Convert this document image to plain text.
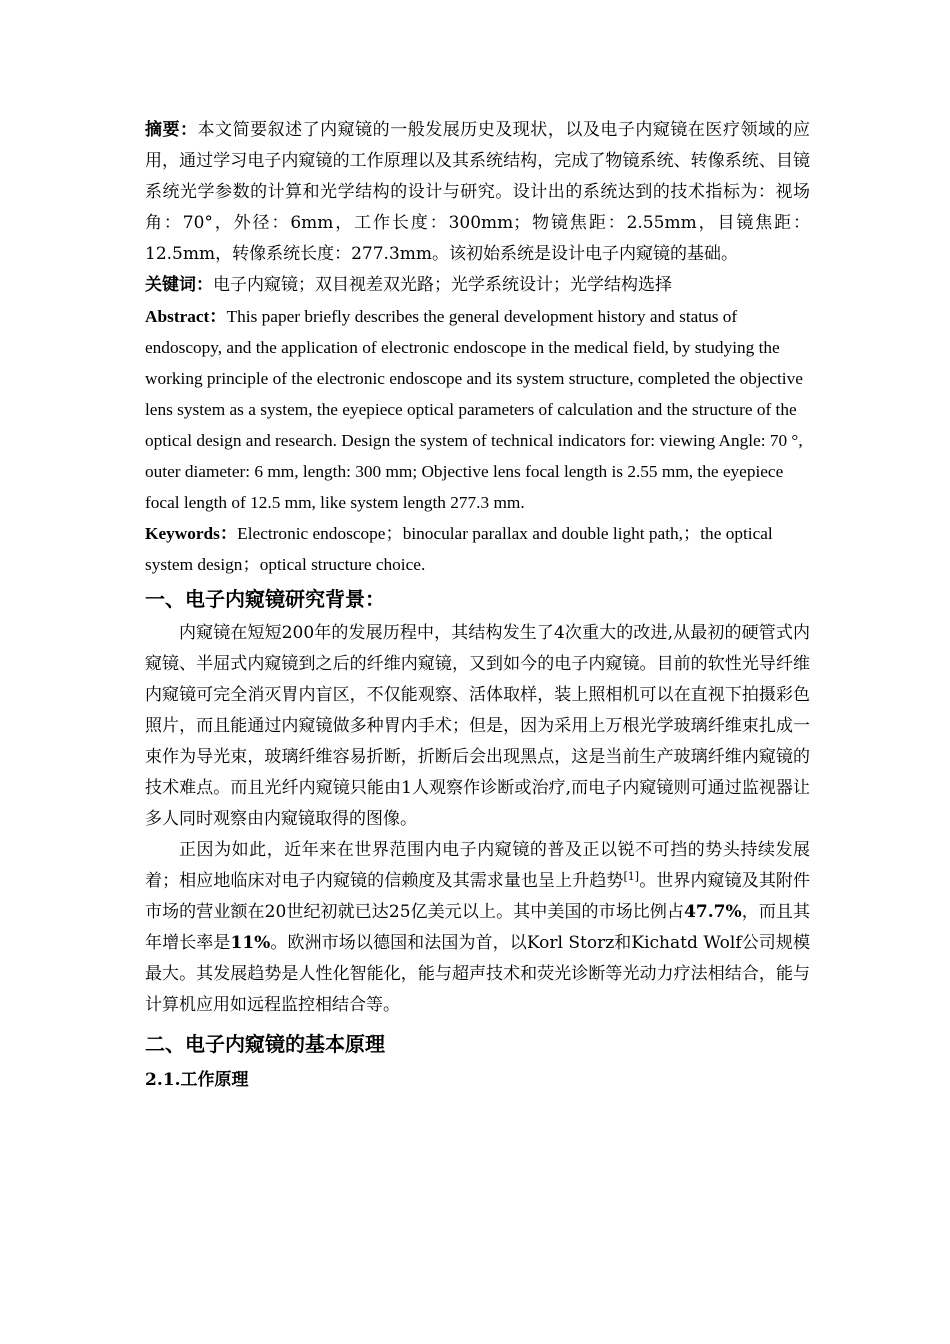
摘要：本文简要叙述了内窥镜的一般发展历史及现状，以及电子内窥镜在医疗领域的应用，通过学习电子内窥镜的工作原理以及其系统结构，完成了物镜系统、转像系统、目镜系统光学参数的计算和光学结构的设计与研究。设计出的系统达到的技术指标为：视场角：70°，外径：6mm，工作长度：300mm；物镜焦距：2.55mm，目镜焦距：12.5mm，转像系统长度：277.3mm。该初始系统是设计电子内窥镜的基础。

关键词：电子内窥镜；双目视差双光路；光学系统设计；光学结构选择

Abstract：This paper briefly describes the general development history and status of endoscopy, and the application of electronic endoscope in the medical field, by studying the working principle of the electronic endoscope and its system structure, completed the objective lens system as a system, the eyepiece optical parameters of calculation and the structure of the optical design and research. Design the system of technical indicators for: viewing Angle: 70 °, outer diameter: 6 mm, length: 300 mm; Objective lens focal length is 2.55 mm, the eyepiece focal length of 12.5 mm, like system length 277.3 mm.

Keywords：Electronic endoscope；binocular parallax and double light path,；the optical system design；optical structure choice.

一、电子内窥镜研究背景：

内窥镜在短短200年的发展历程中，其结构发生了4次重大的改进,从最初的硬管式内窥镜、半屈式内窥镜到之后的纤维内窥镜，又到如今的电子内窥镜。目前的软性光导纤维内窥镜可完全消灭胃内盲区，不仅能观察、活体取样，装上照相机可以在直视下拍摄彩色照片，而且能通过内窥镜做多种胃内手术；但是，因为采用上万根光学玻璃纤维束扎成一束作为导光束，玻璃纤维容易折断，折断后会出现黑点，这是当前生产玻璃纤维内窥镜的技术难点。而且光纤内窥镜只能由1人观察作诊断或治疗,而电子内窥镜则可通过监视器让多人同时观察由内窥镜取得的图像。

正因为如此，近年来在世界范围内电子内窥镜的普及正以锐不可挡的势头持续发展着；相应地临床对电子内窥镜的信赖度及其需求量也呈上升趋势[1]。世界内窥镜及其附件市场的营业额在20世纪初就已达25亿美元以上。其中美国的市场比例占47.7%，而且其年增长率是11%。欧洲市场以德国和法国为首，以Korl Storz和Kichatd Wolf公司规模最大。其发展趋势是人性化智能化，能与超声技术和荧光诊断等光动力疗法相结合，能与计算机应用如远程监控相结合等。

二、电子内窥镜的基本原理

2.1.工作原理
